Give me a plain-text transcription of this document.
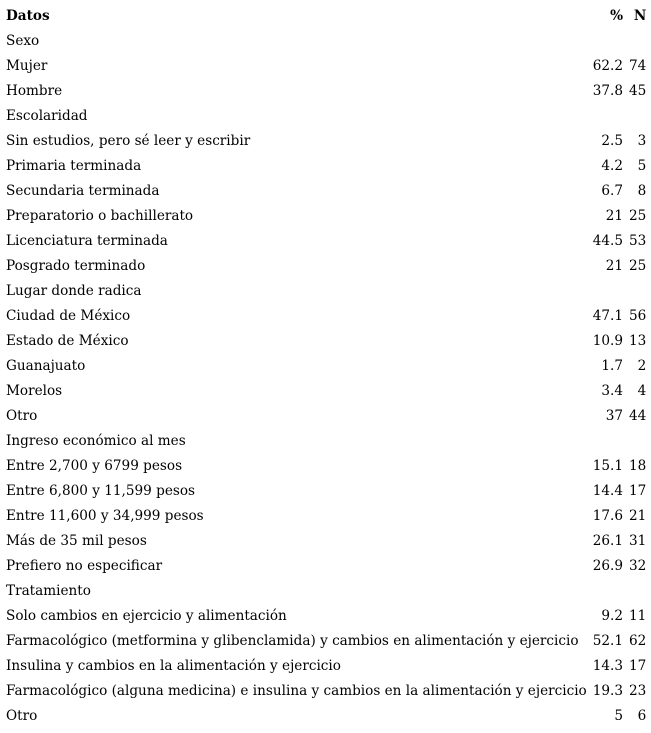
Datos	%	N
Sexo		
Mujer	62.2	74
Hombre	37.8	45
Escolaridad		
Sin estudios, pero sé leer y escribir	2.5	3
Primaria terminada	4.2	5
Secundaria terminada	6.7	8
Preparatorio o bachillerato	21	25
Licenciatura terminada	44.5	53
Posgrado terminado	21	25
Lugar donde radica		
Ciudad de México	47.1	56
Estado de México	10.9	13
Guanajuato	1.7	2
Morelos	3.4	4
Otro	37	44
Ingreso económico al mes		
Entre 2,700 y 6799 pesos	15.1	18
Entre 6,800 y 11,599 pesos	14.4	17
Entre 11,600 y 34,999 pesos	17.6	21
Más de 35 mil pesos	26.1	31
Prefiero no especificar	26.9	32
Tratamiento		
Solo cambios en ejercicio y alimentación	9.2	11
Farmacológico (metformina y glibenclamida) y cambios en alimentación y ejercicio	52.1	62
Insulina y cambios en la alimentación y ejercicio	14.3	17
Farmacológico (alguna medicina) e insulina y cambios en la alimentación y ejercicio	19.3	23
Otro	5	6
